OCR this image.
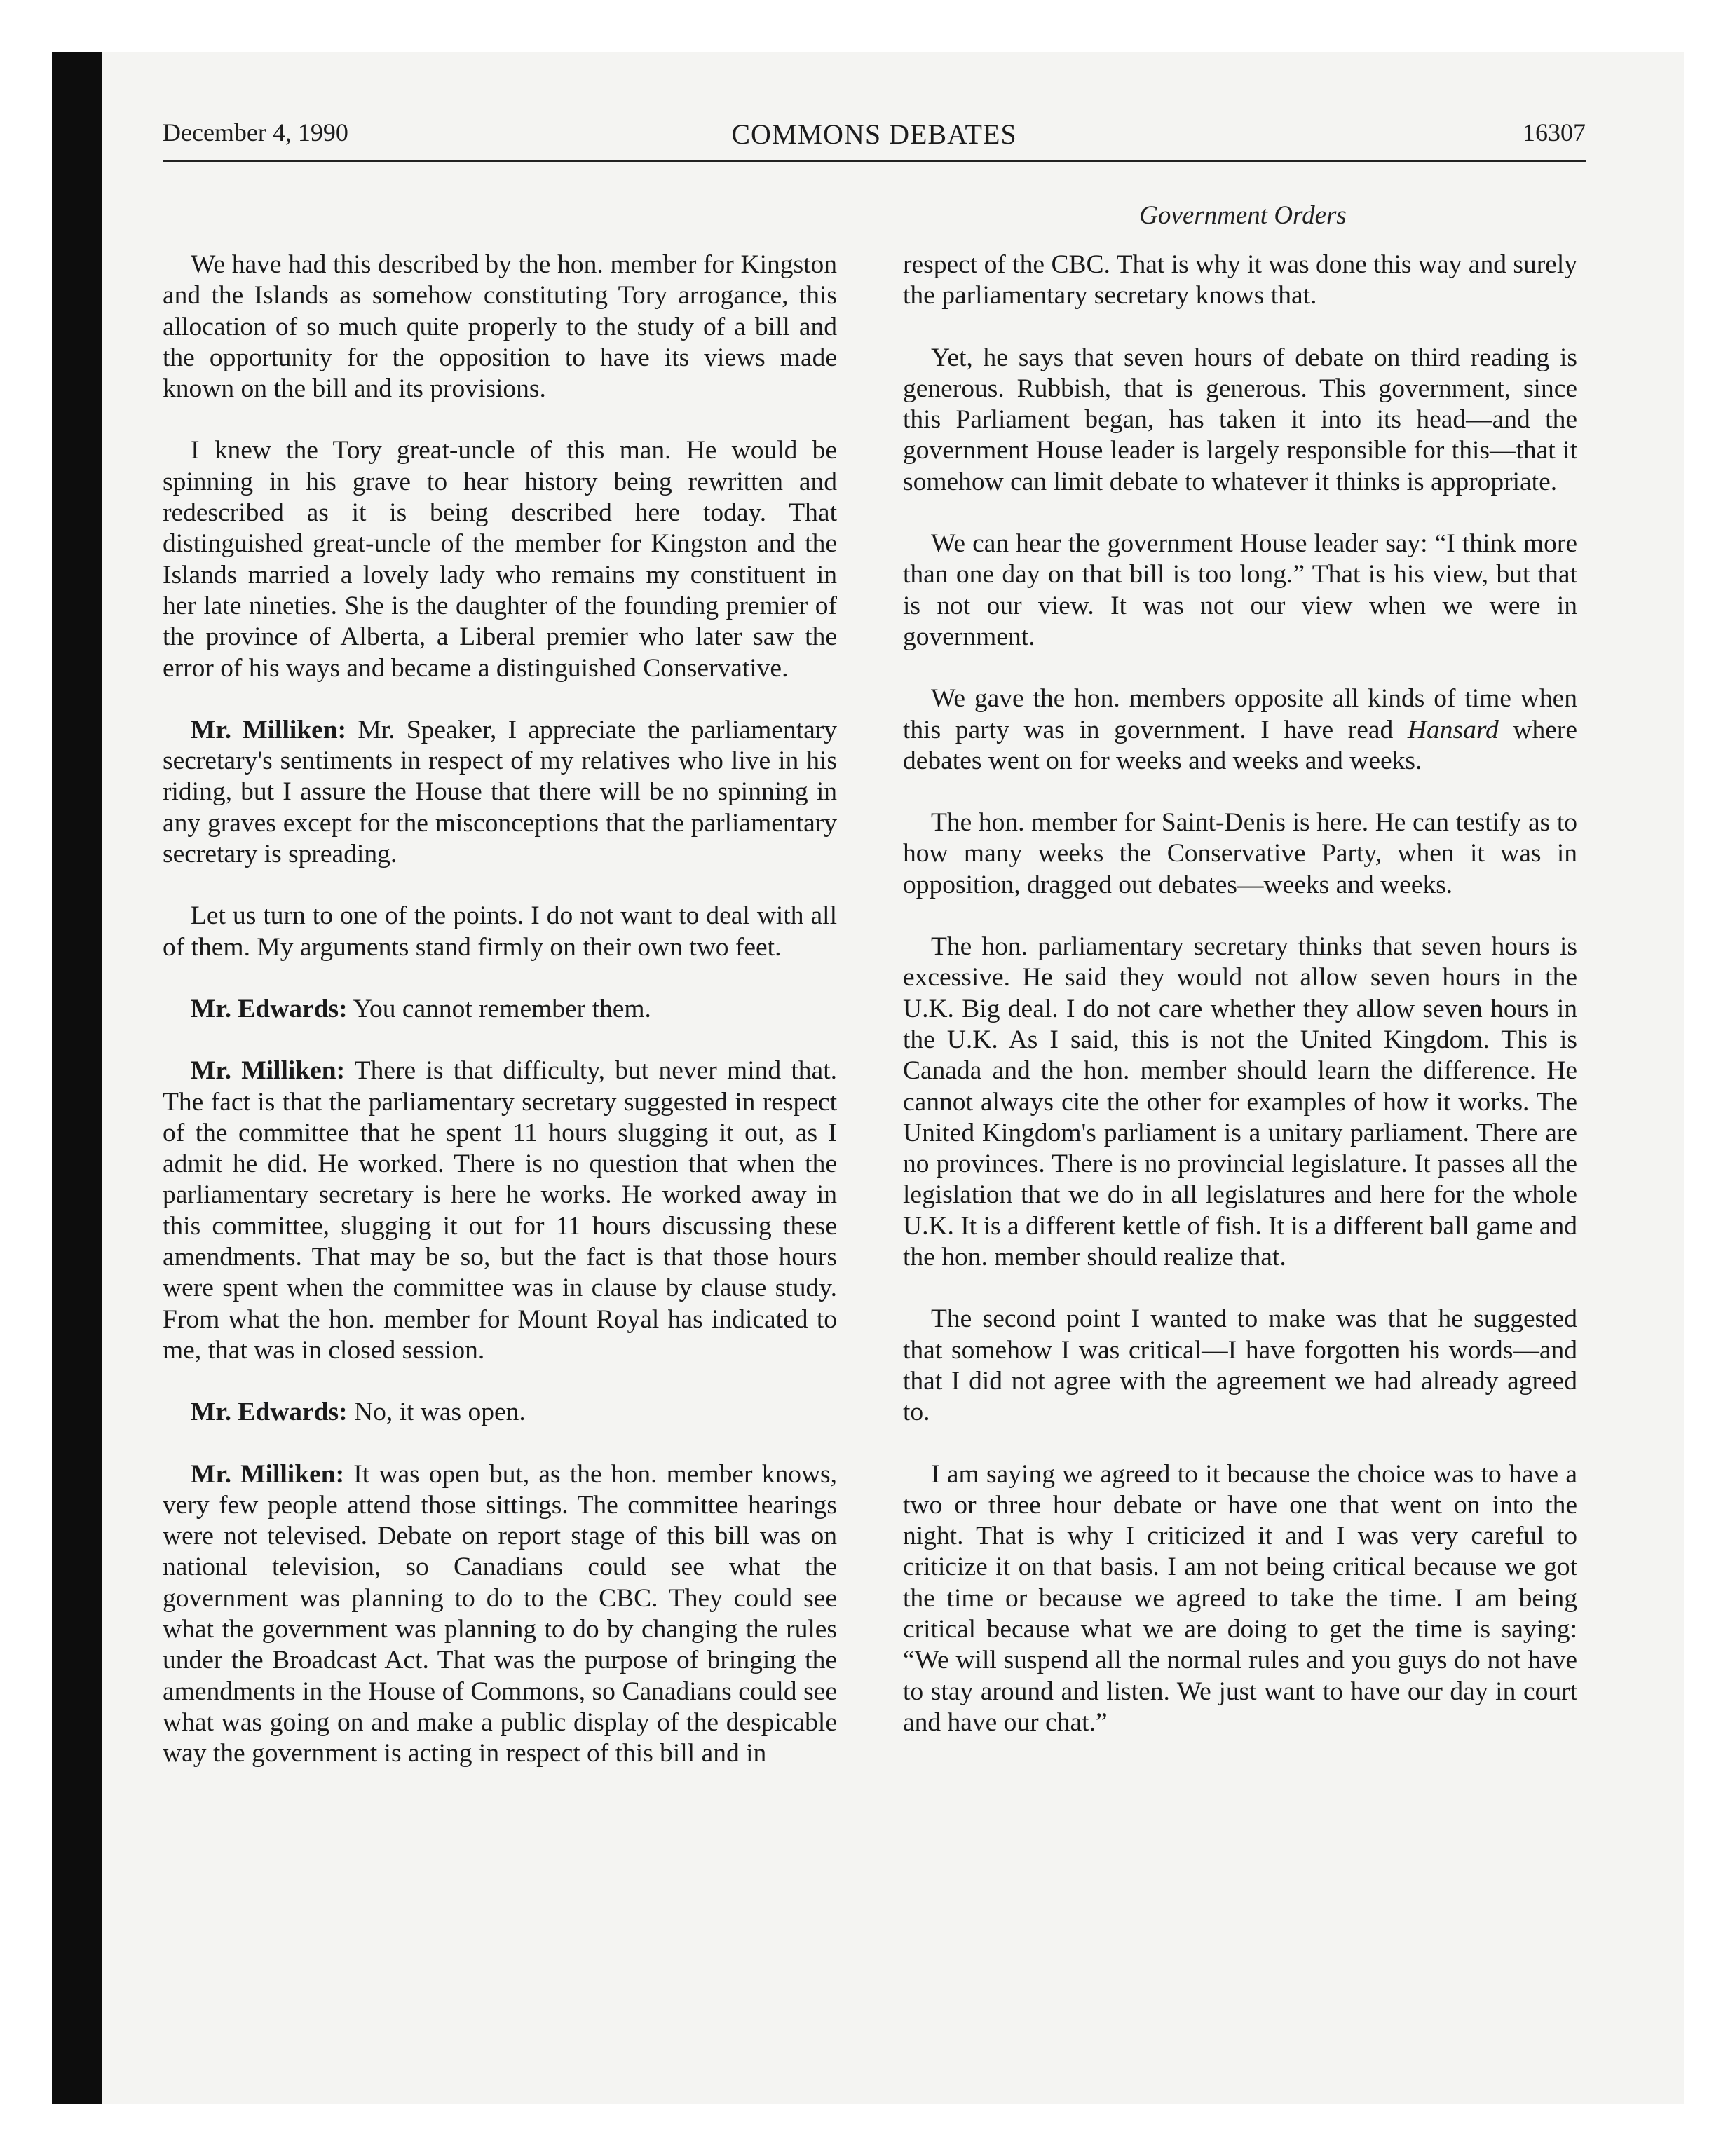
December 4, 1990	COMMONS DEBATES	16307
Government Orders

We have had this described by the hon. member for Kingston and the Islands as somehow constituting Tory arrogance, this allocation of so much quite properly to the study of a bill and the opportunity for the opposition to have its views made known on the bill and its provisions.

I knew the Tory great-uncle of this man. He would be spinning in his grave to hear history being rewritten and redescribed as it is being described here today. That distinguished great-uncle of the member for Kingston and the Islands married a lovely lady who remains my constituent in her late nineties. She is the daughter of the founding premier of the province of Alberta, a Liberal premier who later saw the error of his ways and became a distinguished Conservative.

Mr. Milliken: Mr. Speaker, I appreciate the parliamentary secretary's sentiments in respect of my relatives who live in his riding, but I assure the House that there will be no spinning in any graves except for the misconceptions that the parliamentary secretary is spreading.

Let us turn to one of the points. I do not want to deal with all of them. My arguments stand firmly on their own two feet.

Mr. Edwards: You cannot remember them.

Mr. Milliken: There is that difficulty, but never mind that. The fact is that the parliamentary secretary suggested in respect of the committee that he spent 11 hours slugging it out, as I admit he did. He worked. There is no question that when the parliamentary secretary is here he works. He worked away in this committee, slugging it out for 11 hours discussing these amendments. That may be so, but the fact is that those hours were spent when the committee was in clause by clause study. From what the hon. member for Mount Royal has indicated to me, that was in closed session.

Mr. Edwards: No, it was open.

Mr. Milliken: It was open but, as the hon. member knows, very few people attend those sittings. The committee hearings were not televised. Debate on report stage of this bill was on national television, so Canadians could see what the government was planning to do to the CBC. They could see what the government was planning to do by changing the rules under the Broadcast Act. That was the purpose of bringing the amendments in the House of Commons, so Canadians could see what was going on and make a public display of the despicable way the government is acting in respect of this bill and in

respect of the CBC. That is why it was done this way and surely the parliamentary secretary knows that.

Yet, he says that seven hours of debate on third reading is generous. Rubbish, that is generous. This government, since this Parliament began, has taken it into its head—and the government House leader is largely responsible for this—that it somehow can limit debate to whatever it thinks is appropriate.

We can hear the government House leader say: “I think more than one day on that bill is too long.” That is his view, but that is not our view. It was not our view when we were in government.

We gave the hon. members opposite all kinds of time when this party was in government. I have read Hansard where debates went on for weeks and weeks and weeks.

The hon. member for Saint-Denis is here. He can testify as to how many weeks the Conservative Party, when it was in opposition, dragged out debates—weeks and weeks.

The hon. parliamentary secretary thinks that seven hours is excessive. He said they would not allow seven hours in the U.K. Big deal. I do not care whether they allow seven hours in the U.K. As I said, this is not the United Kingdom. This is Canada and the hon. member should learn the difference. He cannot always cite the other for examples of how it works. The United Kingdom's parliament is a unitary parliament. There are no provinces. There is no provincial legislature. It passes all the legislation that we do in all legislatures and here for the whole U.K. It is a different kettle of fish. It is a different ball game and the hon. member should realize that.

The second point I wanted to make was that he suggested that somehow I was critical—I have forgotten his words—and that I did not agree with the agreement we had already agreed to.

I am saying we agreed to it because the choice was to have a two or three hour debate or have one that went on into the night. That is why I criticized it and I was very careful to criticize it on that basis. I am not being critical because we got the time or because we agreed to take the time. I am being critical because what we are doing to get the time is saying: “We will suspend all the normal rules and you guys do not have to stay around and listen. We just want to have our day in court and have our chat.”
